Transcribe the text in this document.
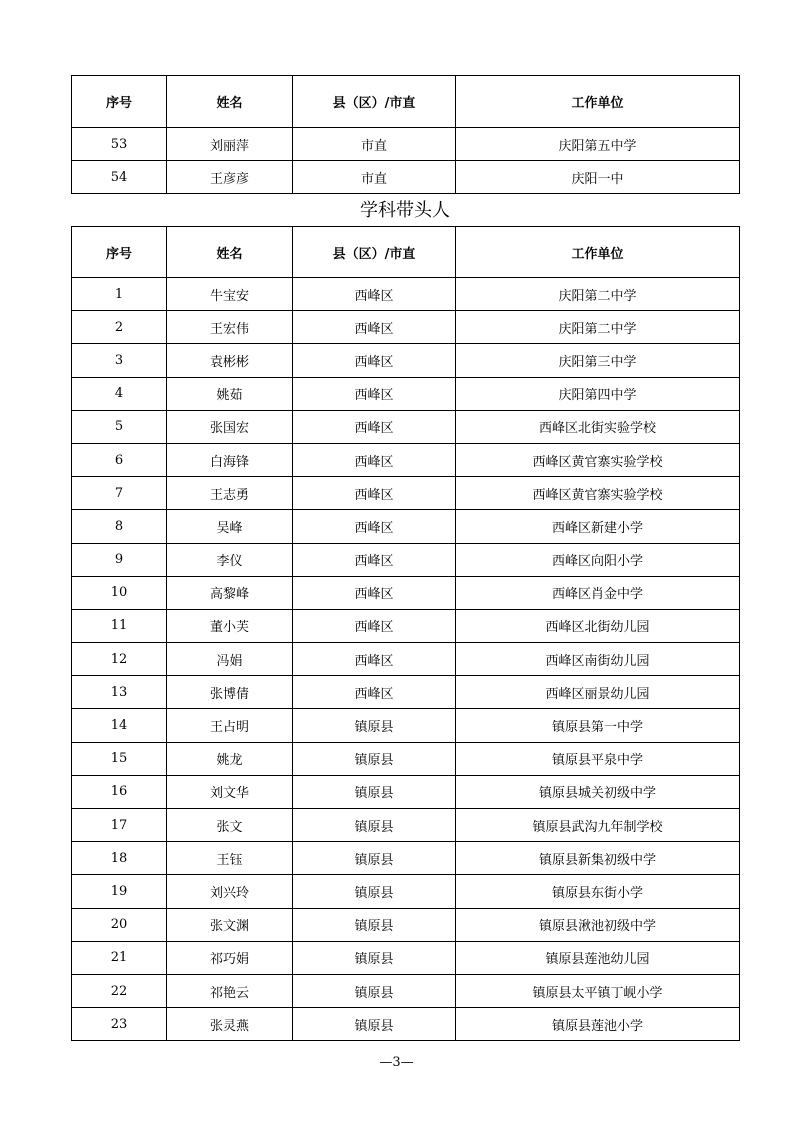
序号	姓名	县（区）/市直	工作单位
53	刘丽萍	市直	庆阳第五中学
54	王彦彦	市直	庆阳一中
学科带头人
序号	姓名	县（区）/市直	工作单位
1	牛宝安	西峰区	庆阳第二中学
2	王宏伟	西峰区	庆阳第二中学
3	袁彬彬	西峰区	庆阳第三中学
4	姚茹	西峰区	庆阳第四中学
5	张国宏	西峰区	西峰区北街实验学校
6	白海锋	西峰区	西峰区黄官寨实验学校
7	王志勇	西峰区	西峰区黄官寨实验学校
8	吴峰	西峰区	西峰区新建小学
9	李仪	西峰区	西峰区向阳小学
10	高黎峰	西峰区	西峰区肖金中学
11	董小芙	西峰区	西峰区北街幼儿园
12	冯娟	西峰区	西峰区南街幼儿园
13	张博倩	西峰区	西峰区丽景幼儿园
14	王占明	镇原县	镇原县第一中学
15	姚龙	镇原县	镇原县平泉中学
16	刘文华	镇原县	镇原县城关初级中学
17	张文	镇原县	镇原县武沟九年制学校
18	王钰	镇原县	镇原县新集初级中学
19	刘兴玲	镇原县	镇原县东街小学
20	张文渊	镇原县	镇原县湫池初级中学
21	祁巧娟	镇原县	镇原县莲池幼儿园
22	祁艳云	镇原县	镇原县太平镇丁岘小学
23	张灵燕	镇原县	镇原县莲池小学
—3—
